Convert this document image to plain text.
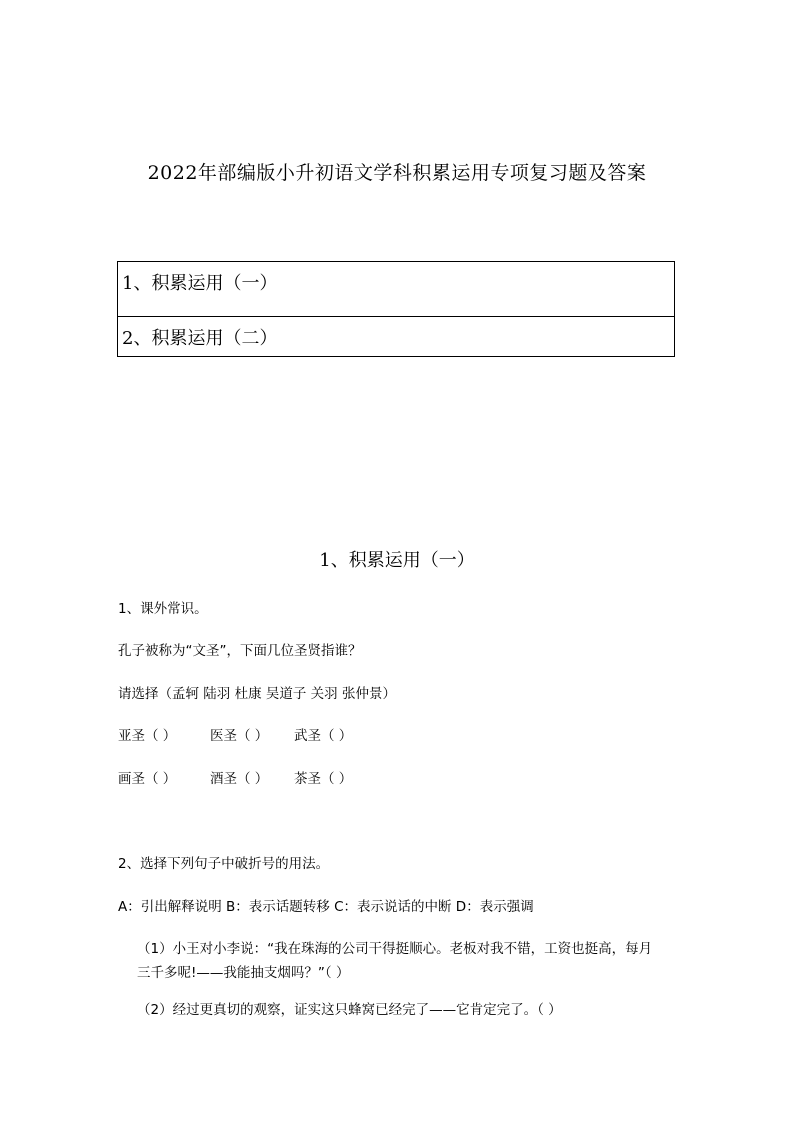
2022年部编版小升初语文学科积累运用专项复习题及答案
1、积累运用（一）
2、积累运用（二）
1、积累运用（一）
1、课外常识。
孔子被称为“文圣”，下面几位圣贤指谁？
请选择（孟轲 陆羽 杜康 吴道子 关羽 张仲景）
亚圣（ ） 医圣（ ） 武圣（ ）
画圣（ ） 酒圣（ ） 茶圣（ ）
2、选择下列句子中破折号的用法。
A：引出解释说明 B：表示话题转移 C：表示说话的中断 D：表示强调
（1）小王对小李说：“我在珠海的公司干得挺顺心。老板对我不错，工资也挺高，每月
三千多呢!——我能抽支烟吗？”（ ）
（2）经过更真切的观察，证实这只蜂窝已经完了——它肯定完了。（ ）
